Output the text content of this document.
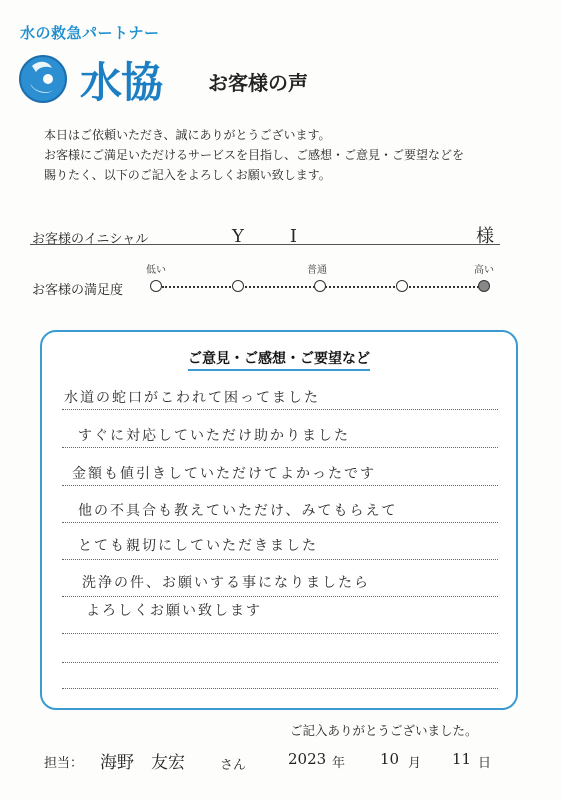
水の救急パートナー
水協 お客様の声
本日はご依頼いただき、誠にありがとうございます。
お客様にご満足いただけるサービスを目指し、ご感想・ご意見・ご要望などを
賜りたく、以下のご記入をよろしくお願い致します。
お客様のイニシャル	Y　I	様
低い	普通	高い
お客様の満足度
ご意見・ご感想・ご要望など
水道の蛇口がこわれて困ってました
すぐに対応していただけ助かりました
金額も値引きしていただけてよかったです
他の不具合も教えていただけ、みてもらえて
とても親切にしていただきました
洗浄の件、お願いする事になりましたら
よろしくお願い致します
ご記入ありがとうございました。
担当： 海野　友宏	さん	2023 年 10 月 11 日
